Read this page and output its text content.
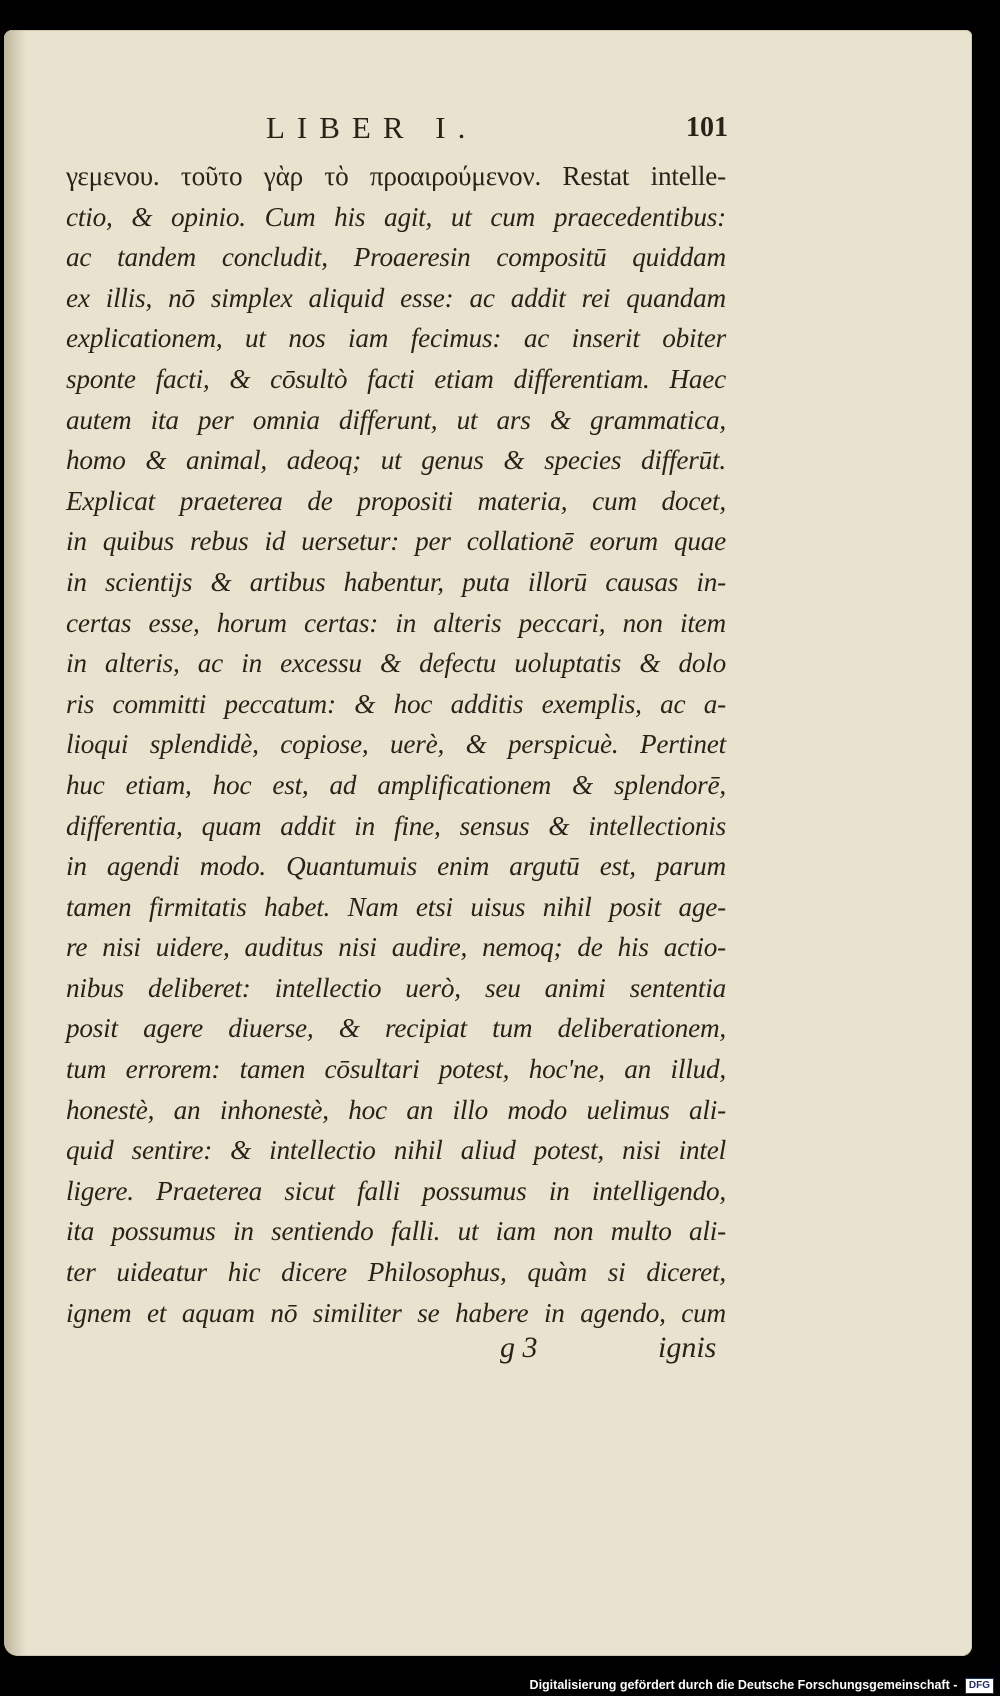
LIBER I.	101
γεμενου. τοῦτο γὰρ τὸ προαιρούμενον. Restat intelle-
ctio, & opinio. Cum his agit, ut cum praecedentibus:
ac tandem concludit, Proaeresin compositū quiddam
ex illis, nō simplex aliquid esse: ac addit rei quandam
explicationem, ut nos iam fecimus: ac inserit obiter
sponte facti, & cōsultò facti etiam differentiam. Haec
autem ita per omnia differunt, ut ars & grammatica,
homo & animal, adeoq; ut genus & species differūt.
Explicat praeterea de propositi materia, cum docet,
in quibus rebus id uersetur: per collationē eorum quae
in scientijs & artibus habentur, puta illorū causas in-
certas esse, horum certas: in alteris peccari, non item
in alteris, ac in excessu & defectu uoluptatis & dolo
ris committi peccatum: & hoc additis exemplis, ac a-
lioqui splendidè, copiose, uerè, & perspicuè. Pertinet
huc etiam, hoc est, ad amplificationem & splendorē,
differentia, quam addit in fine, sensus & intellectionis
in agendi modo. Quantumuis enim argutū est, parum
tamen firmitatis habet. Nam etsi uisus nihil posit age-
re nisi uidere, auditus nisi audire, nemoq; de his actio-
nibus deliberet: intellectio uerò, seu animi sententia
posit agere diuerse, & recipiat tum deliberationem,
tum errorem: tamen cōsultari potest, hoc'ne, an illud,
honestè, an inhonestè, hoc an illo modo uelimus ali-
quid sentire: & intellectio nihil aliud potest, nisi intel
ligere. Praeterea sicut falli possumus in intelligendo,
ita possumus in sentiendo falli. ut iam non multo ali-
ter uideatur hic dicere Philosophus, quàm si diceret,
ignem et aquam nō similiter se habere in agendo, cum
g 3	ignis
Digitalisierung gefördert durch die Deutsche Forschungsgemeinschaft - DFG
